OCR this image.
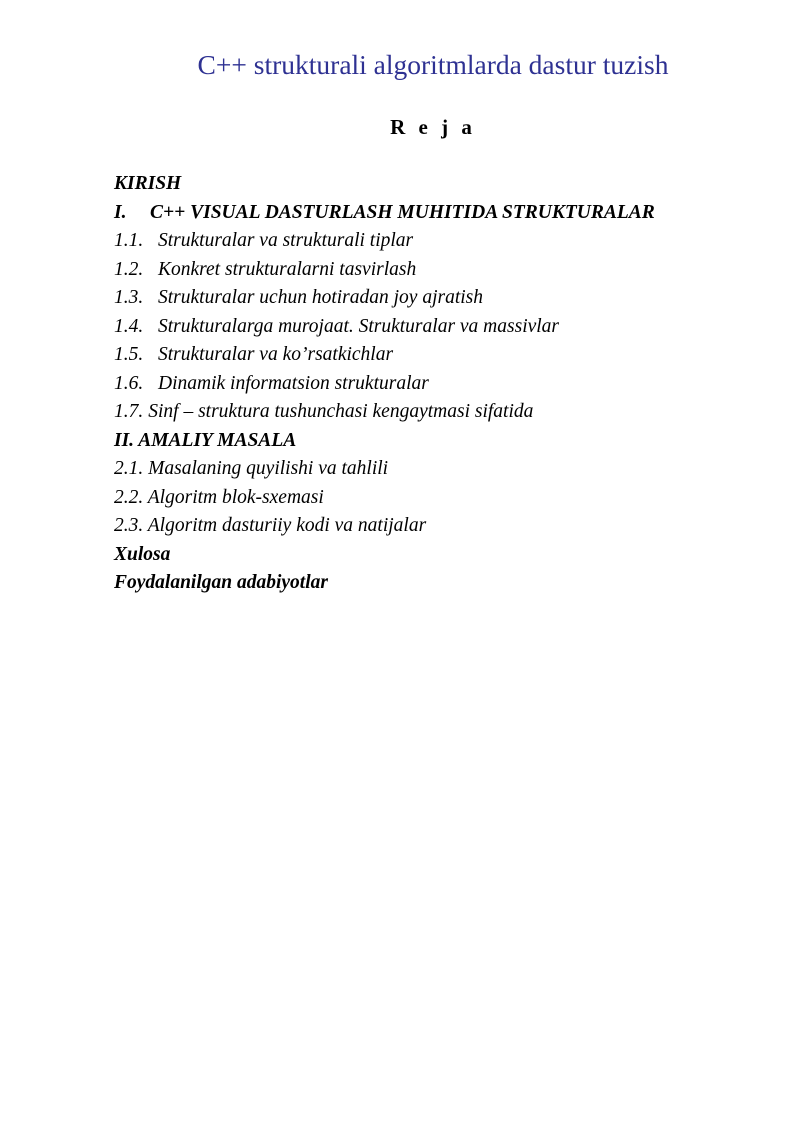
C++ strukturali algoritmlarda dastur tuzish
R e j a
KIRISH
I. C++ VISUAL DASTURLASH MUHITIDA STRUKTURALAR
1.1. Strukturalar va strukturali tiplar
1.2. Konkret strukturalarni tasvirlash
1.3. Strukturalar uchun hotiradan joy ajratish
1.4. Strukturalarga murojaat. Strukturalar va massivlar
1.5. Strukturalar va ko’rsatkichlar
1.6. Dinamik informatsion strukturalar
1.7. Sinf – struktura tushunchasi kengaytmasi sifatida
II. AMALIY MASALA
2.1. Masalaning quyilishi va tahlili
2.2. Algoritm blok-sxemasi
2.3. Algoritm dasturiiy kodi va natijalar
Xulosa
Foydalanilgan adabiyotlar
